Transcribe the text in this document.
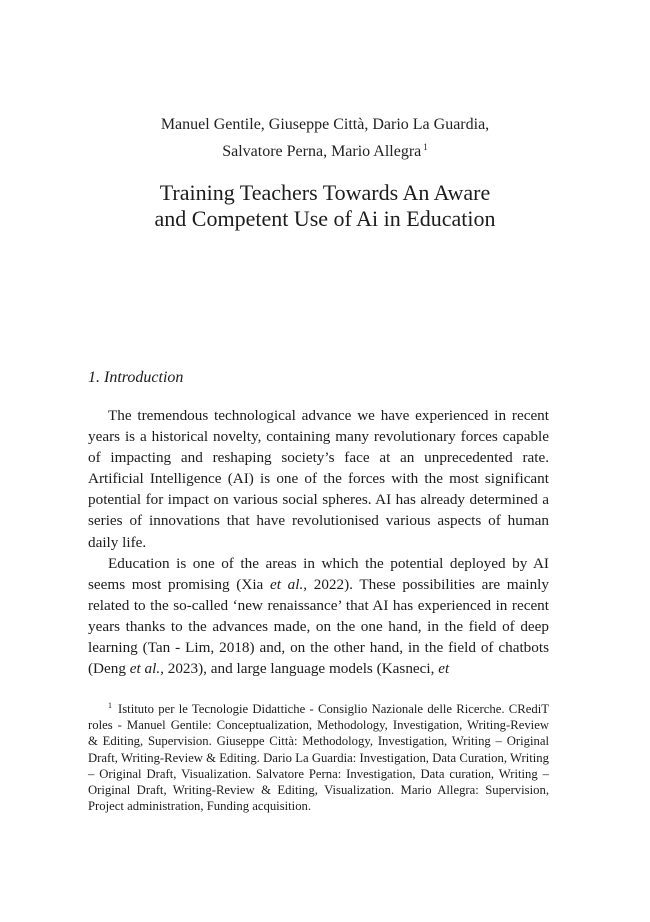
Manuel Gentile, Giuseppe Città, Dario La Guardia,
Salvatore Perna, Mario Allegra $^1$
Training Teachers Towards An Aware
and Competent Use of Ai in Education
1. Introduction

The tremendous technological advance we have experienced in recent years is a historical novelty, containing many revolutionary forces capable of impacting and reshaping society’s face at an unprecedented rate. Artificial Intelligence (AI) is one of the forces with the most significant potential for impact on various social spheres. AI has already determined a series of innovations that have revolutionised various aspects of human daily life.

Education is one of the areas in which the potential deployed by AI seems most promising (Xia et al., 2022). These possibilities are mainly related to the so-called ‘new renaissance’ that AI has experienced in recent years thanks to the advances made, on the one hand, in the field of deep learning (Tan - Lim, 2018) and, on the other hand, in the field of chatbots (Deng et al., 2023), and large language models (Kasneci, et

$^1$ Istituto per le Tecnologie Didattiche - Consiglio Nazionale delle Ricerche. CRediT roles - Manuel Gentile: Conceptualization, Methodology, Investigation, Writing-Review & Editing, Supervision. Giuseppe Città: Methodology, Investigation, Writing – Original Draft, Writing-Review & Editing. Dario La Guardia: Investigation, Data Curation, Writing – Original Draft, Visualization. Salvatore Perna: Investigation, Data curation, Writing – Original Draft, Writing-Review & Editing, Visualization. Mario Allegra: Supervision, Project administration, Funding acquisition.
